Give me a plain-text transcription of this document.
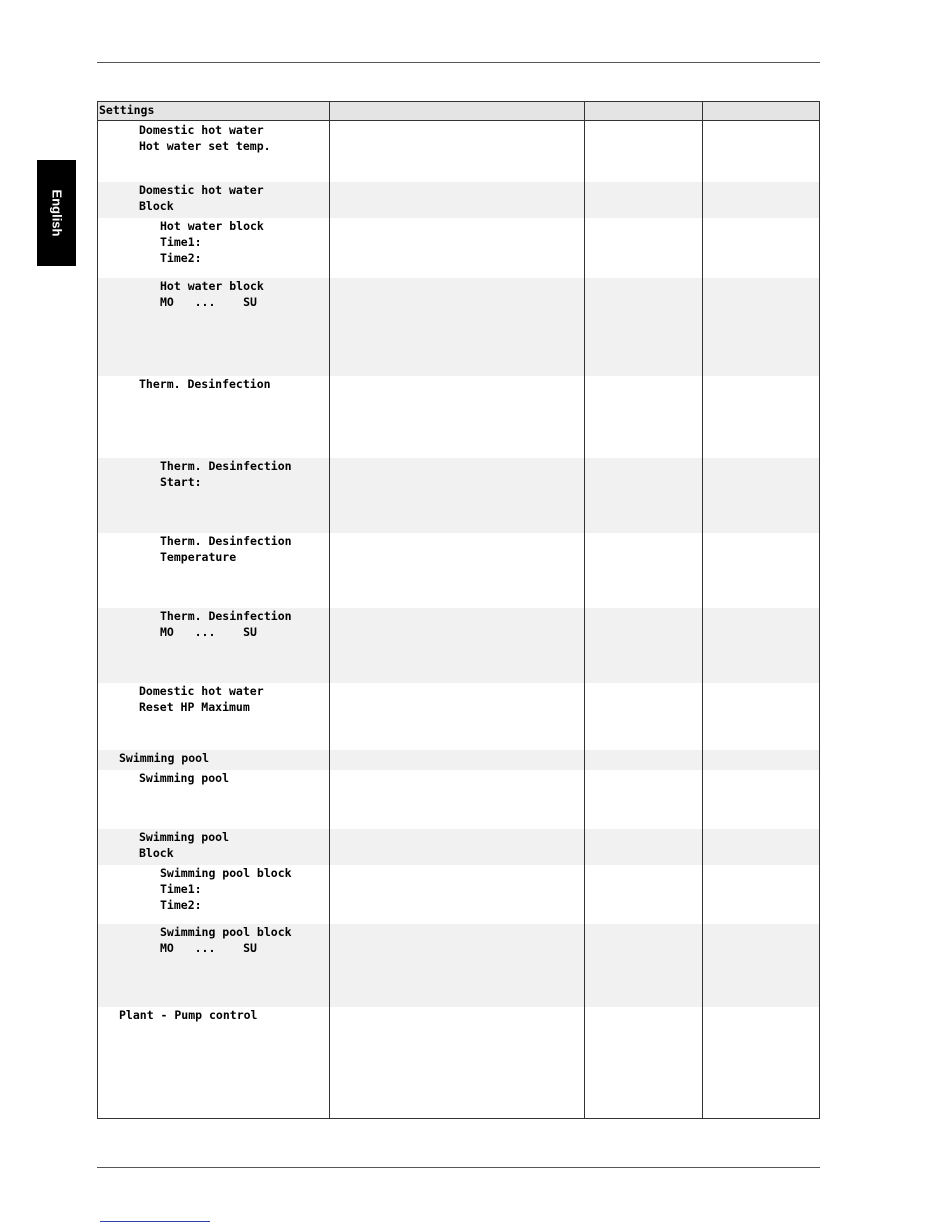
English
Settings
Domestic hot water
Hot water set temp.
Domestic hot water
Block
Hot water block
Time1:
Time2:
Hot water block
MO   ...    SU
Therm. Desinfection
Therm. Desinfection
Start:
Therm. Desinfection
Temperature
Therm. Desinfection
MO   ...    SU
Domestic hot water
Reset HP Maximum
Swimming pool
Swimming pool
Swimming pool
Block
Swimming pool block
Time1:
Time2:
Swimming pool block
MO   ...    SU
Plant - Pump control
